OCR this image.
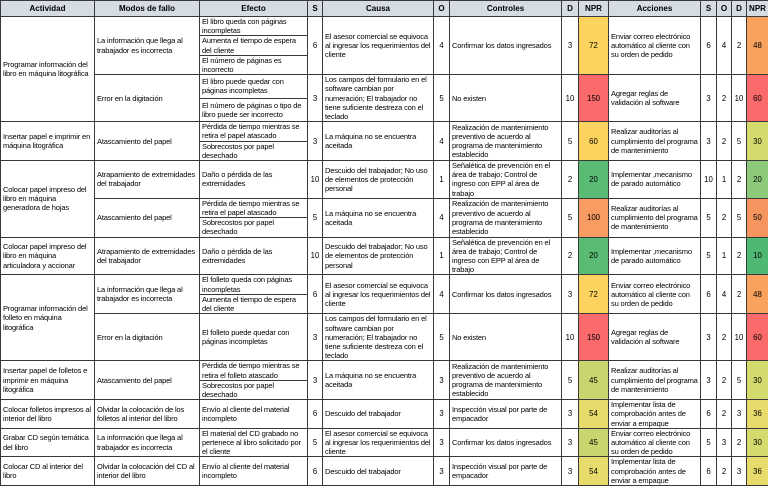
Actividad	Modos de fallo	Efecto	S	Causa	O	Controles	D	NPR	Acciones	S	O	D	NPR
Programar información del libro en máquina litográfica	La información que llega al trabajador es incorrecta	El libro queda con páginas incompletas	6	El asesor comercial se equivoca al ingresar los requerimientos del cliente	4	Confirmar los datos ingresados	3	72	Enviar correo electrónico automático al cliente con su orden de pedido	6	4	2	48
		Aumenta el tiempo de espera del cliente											
		El número de páginas es incorrecto											
	Error en la digitación	El libro puede quedar con páginas incompletas	3	Los campos del formulario en el software cambian por numeración; El trabajador no tiene suficiente destreza con el teclado	5	No existen	10	150	Agregar reglas de validación al software	3	2	10	60
		El número de páginas o tipo de libro puede ser incorrecto											
Insertar papel e imprimir en máquina litográfica	Atascamiento del papel	Pérdida de tiempo mientras se retira el papel atascado	3	La máquina no se encuentra aceitada	4	Realización de mantenimiento preventivo de acuerdo al programa de mantenimiento establecido	5	60	Realizar auditorías al cumplimiento del programa de mantenimiento	3	2	5	30
		Sobrecostos por papel desechado											
Colocar papel impreso del libro en máquina generadora de hojas	Atrapamiento de extremidades del trabajador	Daño o pérdida de las extremidades	10	Descuido del trabajador; No uso de elementos de protección personal	1	Señalética de prevención en el área de trabajo; Control de ingreso con EPP al área de trabajo	2	20	Implementar ,mecanismo de parado automático	10	1	2	20
	Atascamiento del papel	Pérdida de tiempo mientras se retira el papel atascado	5	La máquina no se encuentra aceitada	4	Realización de mantenimiento preventivo de acuerdo al programa de mantenimiento establecido	5	100	Realizar auditorías al cumplimiento del programa de mantenimiento	5	2	5	50
		Sobrecostos por papel desechado											
Colocar papel impreso del libro en máquina articuladora y accionar	Atrapamiento de extremidades del trabajador	Daño o pérdida de las extremidades	10	Descuido del trabajador; No uso de elementos de protección personal	1	Señalética de prevención en el área de trabajo; Control de ingreso con EPP al área de trabajo	2	20	Implementar ,mecanismo de parado automático	5	1	2	10
Programar información del folleto en máquina litográfica	La información que llega al trabajador es incorrecta	El folleto queda con páginas incompletas	6	El asesor comercial se equivoca al ingresar los requerimientos del cliente	4	Confirmar los datos ingresados	3	72	Enviar correo electrónico automático al cliente con su orden de pedido	6	4	2	48
		Aumenta el tiempo de espera del cliente											
	Error en la digitación	El folleto puede quedar con páginas incompletas	3	Los campos del formulario en el software cambian por numeración; El trabajador no tiene suficiente destreza con el teclado	5	No existen	10	150	Agregar reglas de validación al software	3	2	10	60
Insertar papel de folletos e imprimir en máquina litográfica	Atascamiento del papel	Pérdida de tiempo mientras se retira el folleto atascado	3	La máquina no se encuentra aceitada	3	Realización de mantenimiento preventivo de acuerdo al programa de mantenimiento establecido	5	45	Realizar auditorías al cumplimiento del programa de mantenimiento	3	2	5	30
		Sobrecostos por papel desechado											
Colocar folletos impresos al interior del libro	Olvidar la colocación de los folletos al interior del libro	Envío al cliente del material incompleto	6	Descuido del trabajador	3	Inspección visual por parte de empacador	3	54	Implementar lista de comprobación antes de enviar a empaque	6	2	3	36
Grabar CD según temática del libro	La información que llega al trabajador es incorrecta	El material del CD grabado no pertenece al libro solicitado por el cliente	5	El asesor comercial se equivoca al ingresar los requerimientos del cliente	3	Confirmar los datos ingresados	3	45	Enviar correo electrónico automático al cliente con su orden de pedido	5	3	2	30
Colocar CD al interior del libro	Olvidar la colocación del CD al interior del libro	Envío al cliente del material incompleto	6	Descuido del trabajador	3	Inspección visual por parte de empacador	3	54	Implementar lista de comprobación antes de enviar a empaque	6	2	3	36
